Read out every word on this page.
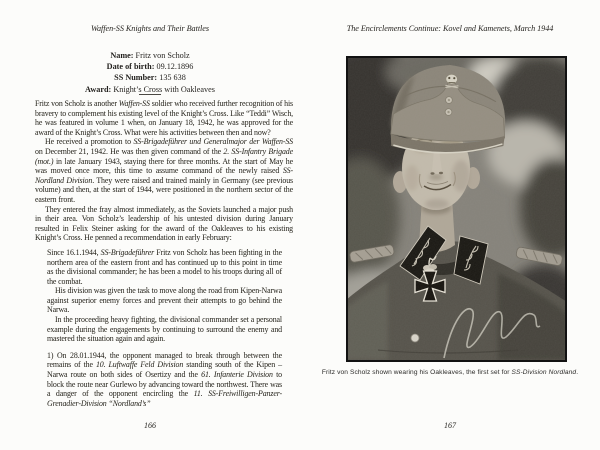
Waffen-SS Knights and Their Battles
Name: Fritz von Scholz
Date of birth: 09.12.1896
SS Number: 135 638
Award: Knight’s Cross with Oakleaves

Fritz von Scholz is another Waffen-SS soldier who received further recognition of his bravery to complement his existing level of the Knight’s Cross. Like “Teddi” Wisch, he was featured in volume 1 when, on January 18, 1942, he was approved for the award of the Knight’s Cross. What were his activities between then and now?

He received a promotion to SS-Brigadeführer und Generalmajor der Waffen-SS on December 21, 1942. He was then given command of the 2. SS-Infantry Brigade (mot.) in late January 1943, staying there for three months. At the start of May he was moved once more, this time to assume command of the newly raised SS-Nordland Division. They were raised and trained mainly in Germany (see previous volume) and then, at the start of 1944, were positioned in the northern sector of the eastern front.

They entered the fray almost immediately, as the Soviets launched a major push in their area. Von Scholz’s leadership of his untested division during January resulted in Felix Steiner asking for the award of the Oakleaves to his existing Knight’s Cross. He penned a recommendation in early February:

Since 16.1.1944, SS-Brigadeführer Fritz von Scholz has been fighting in the northern area of the eastern front and has continued up to this point in time as the divisional commander; he has been a model to his troops during all of the combat.

His division was given the task to move along the road from Kipen-Narwa against superior enemy forces and prevent their attempts to go behind the Narwa.

In the proceeding heavy fighting, the divisional commander set a personal example during the engagements by continuing to surround the enemy and mastered the situation again and again.

1) On 28.01.1944, the opponent managed to break through between the remains of the 10. Luftwaffe Feld Division standing south of the Kipen – Narwa route on both sides of Osertizy and the 61. Infanterie Division to block the route near Gurlewo by advancing toward the northwest. There was a danger of the opponent encircling the 11. SS-Freiwilligen-Panzer-Grenadier-Division “Nordland’s”

166
The Encirclements Continue: Kovel and Kamenets, March 1944
Fritz von Scholz shown wearing his Oakleaves, the first set for SS-Division Nordland.
167
